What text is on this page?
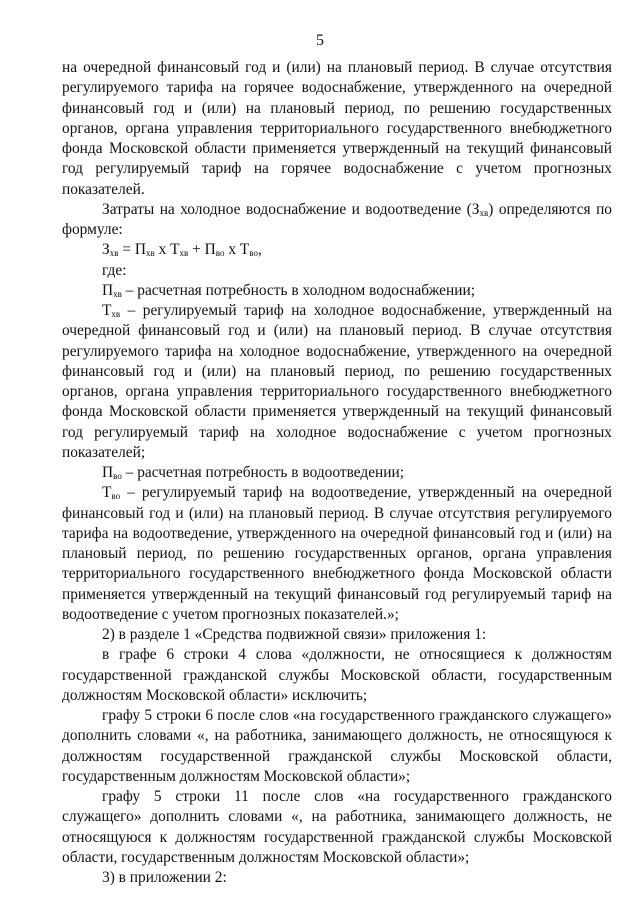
5

на очередной финансовый год и (или) на плановый период. В случае отсутствия регулируемого тарифа на горячее водоснабжение, утвержденного на очередной финансовый год и (или) на плановый период, по решению государственных органов, органа управления территориального государственного внебюджетного фонда Московской области применяется утвержденный на текущий финансовый год регулируемый тариф на горячее водоснабжение с учетом прогнозных показателей.

Затраты на холодное водоснабжение и водоотведение $(З_{хв})$ определяются по формуле:

$З_{хв} = П_{хв}$ х $Т_{хв} + П_{во}$ х $Т_{во}$,

где:

$П_{хв}$ – расчетная потребность в холодном водоснабжении;

$Т_{хв}$ – регулируемый тариф на холодное водоснабжение, утвержденный на очередной финансовый год и (или) на плановый период. В случае отсутствия регулируемого тарифа на холодное водоснабжение, утвержденного на очередной финансовый год и (или) на плановый период, по решению государственных органов, органа управления территориального государственного внебюджетного фонда Московской области применяется утвержденный на текущий финансовый год регулируемый тариф на холодное водоснабжение с учетом прогнозных показателей;

$П_{во}$ – расчетная потребность в водоотведении;

$Т_{во}$ – регулируемый тариф на водоотведение, утвержденный на очередной финансовый год и (или) на плановый период. В случае отсутствия регулируемого тарифа на водоотведение, утвержденного на очередной финансовый год и (или) на плановый период, по решению государственных органов, органа управления территориального государственного внебюджетного фонда Московской области применяется утвержденный на текущий финансовый год регулируемый тариф на водоотведение с учетом прогнозных показателей.»;

2) в разделе 1 «Средства подвижной связи» приложения 1:

в графе 6 строки 4 слова «должности, не относящиеся к должностям государственной гражданской службы Московской области, государственным должностям Московской области» исключить;

графу 5 строки 6 после слов «на государственного гражданского служащего» дополнить словами «, на работника, занимающего должность, не относящуюся к должностям государственной гражданской службы Московской области, государственным должностям Московской области»;

графу 5 строки 11 после слов «на государственного гражданского служащего» дополнить словами «, на работника, занимающего должность, не относящуюся к должностям государственной гражданской службы Московской области, государственным должностям Московской области»;

3) в приложении 2:
